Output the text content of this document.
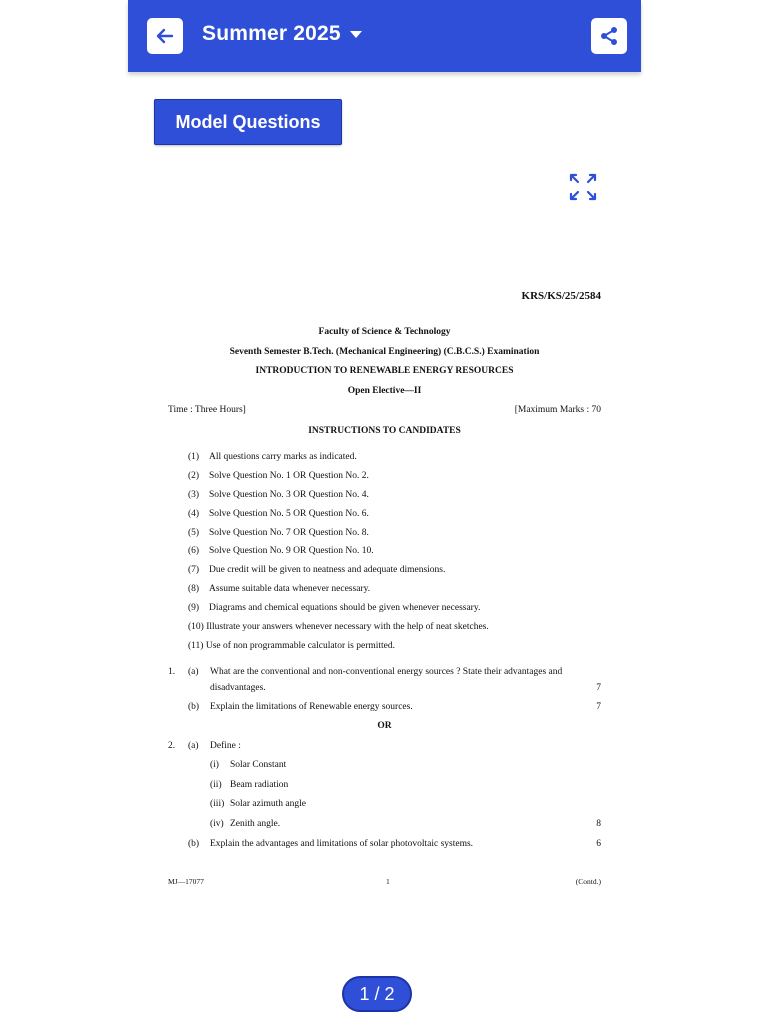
Summer 2025
Model Questions
KRS/KS/25/2584
Faculty of Science & Technology
Seventh Semester B.Tech. (Mechanical Engineering) (C.B.C.S.) Examination
INTRODUCTION TO RENEWABLE ENERGY RESOURCES
Open Elective—II
Time : Three Hours]	[Maximum Marks : 70
INSTRUCTIONS TO CANDIDATES
(1) All questions carry marks as indicated.
(2) Solve Question No. 1 OR Question No. 2.
(3) Solve Question No. 3 OR Question No. 4.
(4) Solve Question No. 5 OR Question No. 6.
(5) Solve Question No. 7 OR Question No. 8.
(6) Solve Question No. 9 OR Question No. 10.
(7) Due credit will be given to neatness and adequate dimensions.
(8) Assume suitable data whenever necessary.
(9) Diagrams and chemical equations should be given whenever necessary.
(10) Illustrate your answers whenever necessary with the help of neat sketches.
(11) Use of non programmable calculator is permitted.
1. (a) What are the conventional and non-conventional energy sources ? State their advantages and
disadvantages.	7
(b) Explain the limitations of Renewable energy sources.	7
OR
2. (a) Define :
(i) Solar Constant
(ii) Beam radiation
(iii) Solar azimuth angle
(iv) Zenith angle.	8
(b) Explain the advantages and limitations of solar photovoltaic systems.	6
MJ—17077	1	(Contd.)
1 / 2
